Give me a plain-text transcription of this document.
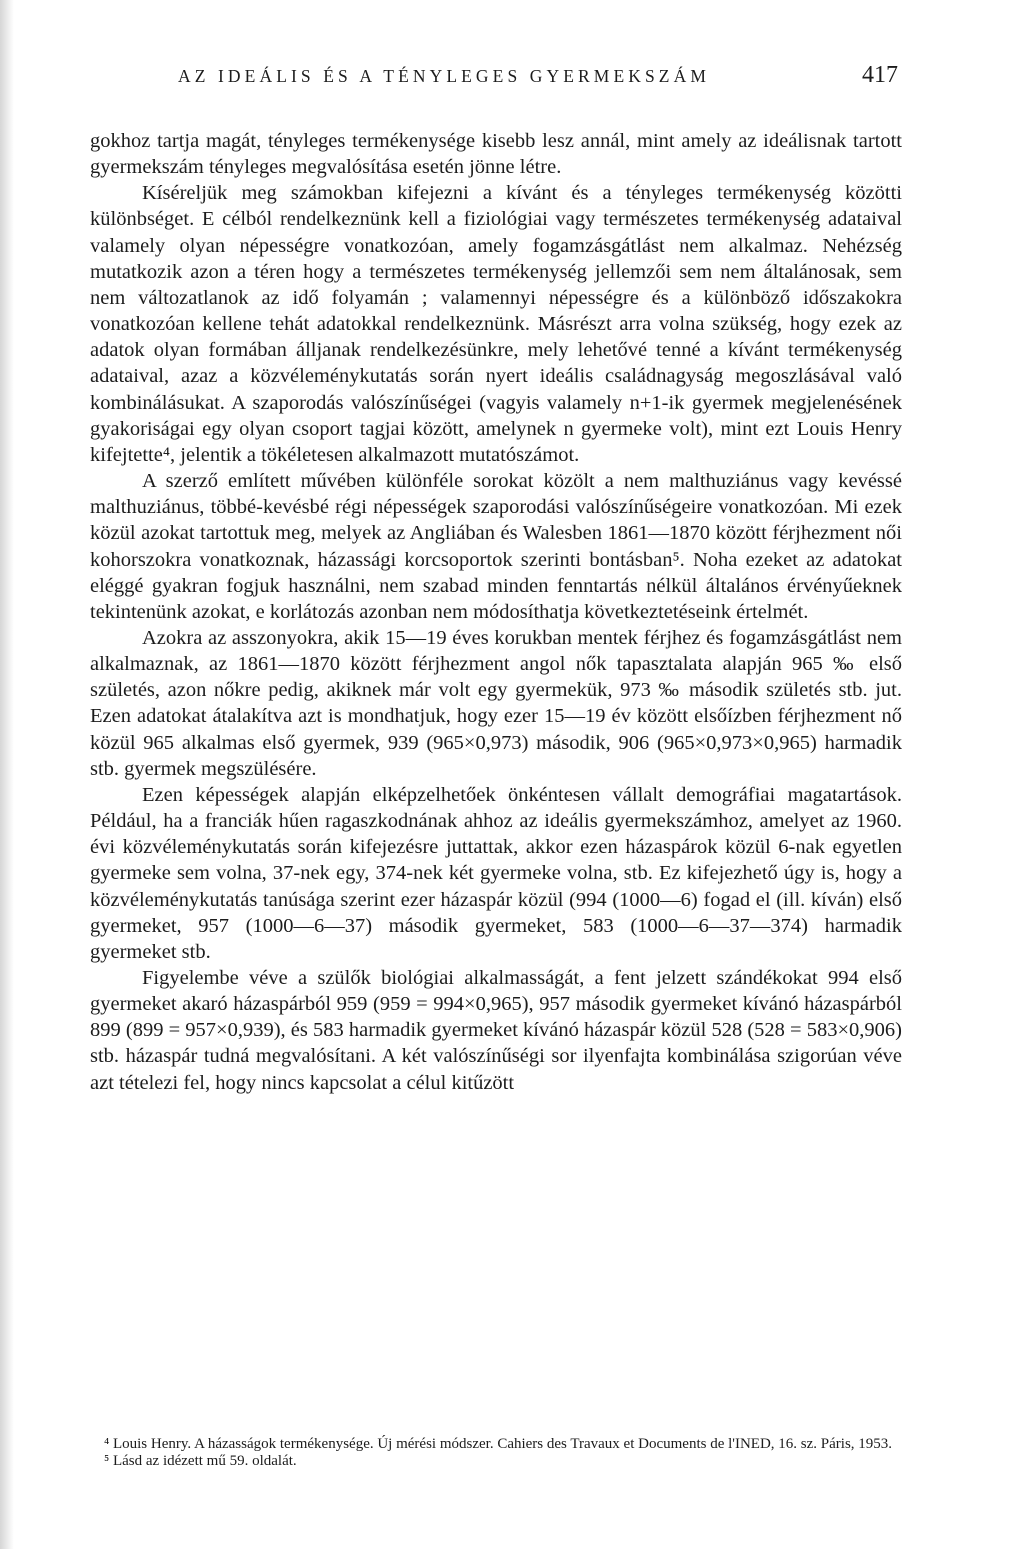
AZ IDEÁLIS ÉS A TÉNYLEGES GYERMEKSZÁM	417

gokhoz tartja magát, tényleges termékenysége kisebb lesz annál, mint amely az ideálisnak tartott gyermekszám tényleges megvalósítása esetén jönne létre.

Kíséreljük meg számokban kifejezni a kívánt és a tényleges termékenység közötti különbséget. E célból rendelkeznünk kell a fiziológiai vagy természetes termékenység adataival valamely olyan népességre vonatkozóan, amely fogamzásgátlást nem alkalmaz. Nehézség mutatkozik azon a téren hogy a természetes termékenység jellemzői sem nem általánosak, sem nem változatlanok az idő folyamán ; valamennyi népességre és a különböző időszakokra vonatkozóan kellene tehát adatokkal rendelkeznünk. Másrészt arra volna szükség, hogy ezek az adatok olyan formában álljanak rendelkezésünkre, mely lehetővé tenné a kívánt termékenység adataival, azaz a közvéleménykutatás során nyert ideális családnagyság megoszlásával való kombinálásukat. A szaporodás valószínűségei (vagyis valamely n+1-ik gyermek megjelenésének gyakoriságai egy olyan csoport tagjai között, amelynek n gyermeke volt), mint ezt Louis Henry kifejtette⁴, jelentik a tökéletesen alkalmazott mutatószámot.

A szerző említett művében különféle sorokat közölt a nem malthuziánus vagy kevéssé malthuziánus, többé-kevésbé régi népességek szaporodási valószínűségeire vonatkozóan. Mi ezek közül azokat tartottuk meg, melyek az Angliában és Walesben 1861—1870 között férjhezment női kohorszokra vonatkoznak, házassági korcsoportok szerinti bontásban⁵. Noha ezeket az adatokat eléggé gyakran fogjuk használni, nem szabad minden fenntartás nélkül általános érvényűeknek tekintenünk azokat, e korlátozás azonban nem módosíthatja következtetéseink értelmét.

Azokra az asszonyokra, akik 15—19 éves korukban mentek férjhez és fogamzásgátlást nem alkalmaznak, az 1861—1870 között férjhezment angol nők tapasztalata alapján 965 ‰ első születés, azon nőkre pedig, akiknek már volt egy gyermekük, 973 ‰ második születés stb. jut. Ezen adatokat átalakítva azt is mondhatjuk, hogy ezer 15—19 év között elsőízben férjhezment nő közül 965 alkalmas első gyermek, 939 (965×0,973) második, 906 (965×0,973×0,965) harmadik stb. gyermek megszülésére.

Ezen képességek alapján elképzelhetőek önkéntesen vállalt demográfiai magatartások. Például, ha a franciák hűen ragaszkodnának ahhoz az ideális gyermekszámhoz, amelyet az 1960. évi közvéleménykutatás során kifejezésre juttattak, akkor ezen házaspárok közül 6-nak egyetlen gyermeke sem volna, 37-nek egy, 374-nek két gyermeke volna, stb. Ez kifejezhető úgy is, hogy a közvéleménykutatás tanúsága szerint ezer házaspár közül (994 (1000—6) fogad el (ill. kíván) első gyermeket, 957 (1000—6—37) második gyermeket, 583 (1000—6—37—374) harmadik gyermeket stb.

Figyelembe véve a szülők biológiai alkalmasságát, a fent jelzett szándékokat 994 első gyermeket akaró házaspárból 959 (959 = 994×0,965), 957 második gyermeket kívánó házaspárból 899 (899 = 957×0,939), és 583 harmadik gyermeket kívánó házaspár közül 528 (528 = 583×0,906) stb. házaspár tudná megvalósítani. A két valószínűségi sor ilyenfajta kombinálása szigorúan véve azt tételezi fel, hogy nincs kapcsolat a célul kitűzött

⁴ Louis Henry. A házasságok termékenysége. Új mérési módszer. Cahiers des Travaux et Documents de l'INED, 16. sz. Páris, 1953.

⁵ Lásd az idézett mű 59. oldalát.
